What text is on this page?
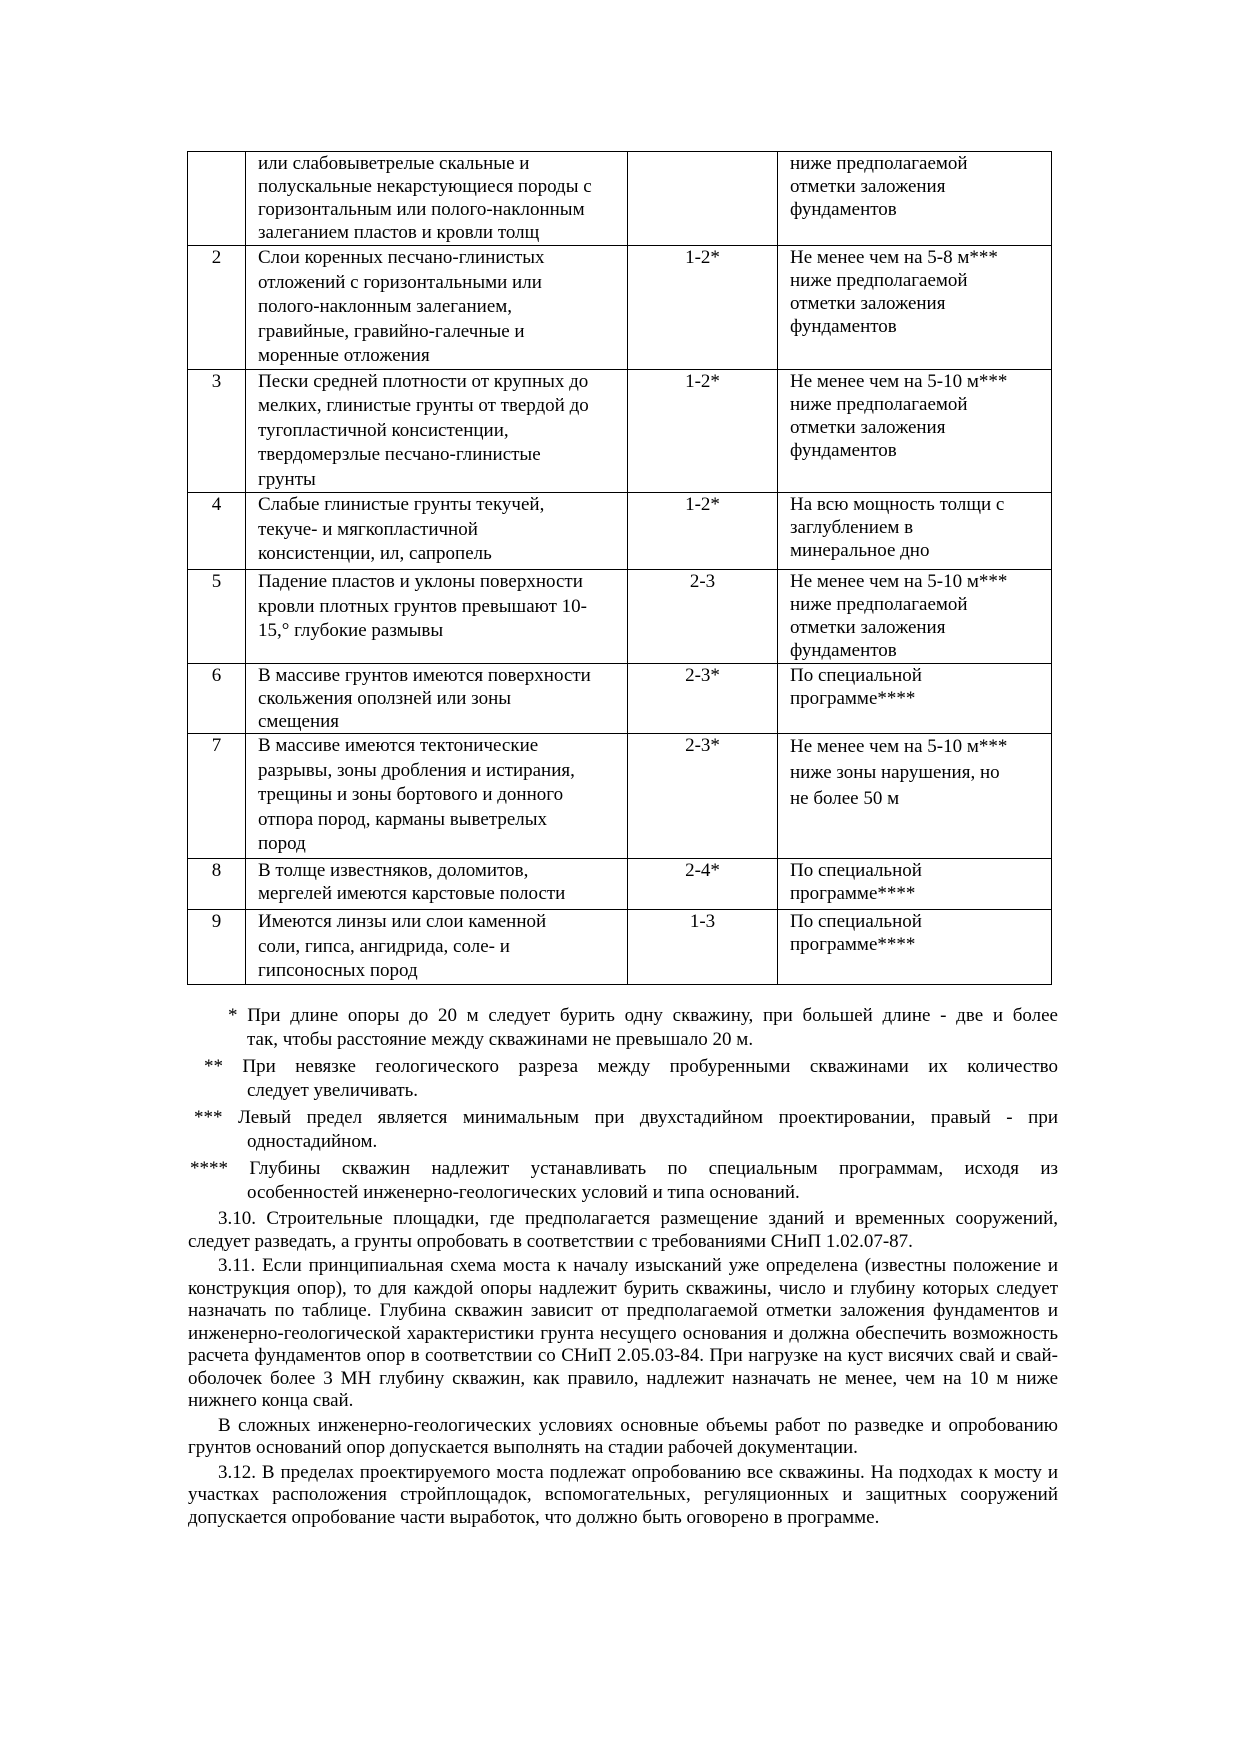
	или слабовыветрелые скальные и
полускальные некарстующиеся породы с
горизонтальным или полого-наклонным
залеганием пластов и кровли толщ		ниже предполагаемой
отметки заложения
фундаментов
2	Слои коренных песчано-глинистых
отложений с горизонтальными или
полого-наклонным залеганием,
гравийные, гравийно-галечные и
моренные отложения	1-2*	Не менее чем на 5-8 м***
ниже предполагаемой
отметки заложения
фундаментов
3	Пески средней плотности от крупных до
мелких, глинистые грунты от твердой до
тугопластичной консистенции,
твердомерзлые песчано-глинистые
грунты	1-2*	Не менее чем на 5-10 м***
ниже предполагаемой
отметки заложения
фундаментов
4	Слабые глинистые грунты текучей,
текуче- и мягкопластичной
консистенции, ил, сапропель	1-2*	На всю мощность толщи с
заглублением в
минеральное дно
5	Падение пластов и уклоны поверхности
кровли плотных грунтов превышают 10-
15,° глубокие размывы	2-3	Не менее чем на 5-10 м***
ниже предполагаемой
отметки заложения
фундаментов
6	В массиве грунтов имеются поверхности
скольжения оползней или зоны
смещения	2-3*	По специальной
программе****
7	В массиве имеются тектонические
разрывы, зоны дробления и истирания,
трещины и зоны бортового и донного
отпора пород, карманы выветрелых
пород	2-3*	Не менее чем на 5-10 м***
ниже зоны нарушения, но
не более 50 м
8	В толще известняков, доломитов,
мергелей имеются карстовые полости	2-4*	По специальной
программе****
9	Имеются линзы или слои каменной
соли, гипса, ангидрида, соле- и
гипсоносных пород	1-3	По специальной
программе****
* При длине опоры до 20 м следует бурить одну скважину, при большей длине - две и более
так, чтобы расстояние между скважинами не превышало 20 м.
** При невязке геологического разреза между пробуренными скважинами их количество
следует увеличивать.
*** Левый предел является минимальным при двухстадийном проектировании, правый - при
одностадийном.
**** Глубины скважин надлежит устанавливать по специальным программам, исходя из
особенностей инженерно-геологических условий и типа оснований.

3.10. Строительные площадки, где предполагается размещение зданий и временных сооружений, следует разведать, а грунты опробовать в соответствии с требованиями СНиП 1.02.07-87.

3.11. Если принципиальная схема моста к началу изысканий уже определена (известны положение и конструкция опор), то для каждой опоры надлежит бурить скважины, число и глубину которых следует назначать по таблице. Глубина скважин зависит от предполагаемой отметки заложения фундаментов и инженерно-геологической характеристики грунта несущего основания и должна обеспечить возможность расчета фундаментов опор в соответствии со СНиП 2.05.03-84. При нагрузке на куст висячих свай и свай-оболочек более 3 МН глубину скважин, как правило, надлежит назначать не менее, чем на 10 м ниже нижнего конца свай.

В сложных инженерно-геологических условиях основные объемы работ по разведке и опробованию грунтов оснований опор допускается выполнять на стадии рабочей документации.

3.12. В пределах проектируемого моста подлежат опробованию все скважины. На подходах к мосту и участках расположения стройплощадок, вспомогательных, регуляционных и защитных сооружений допускается опробование части выработок, что должно быть оговорено в программе.
